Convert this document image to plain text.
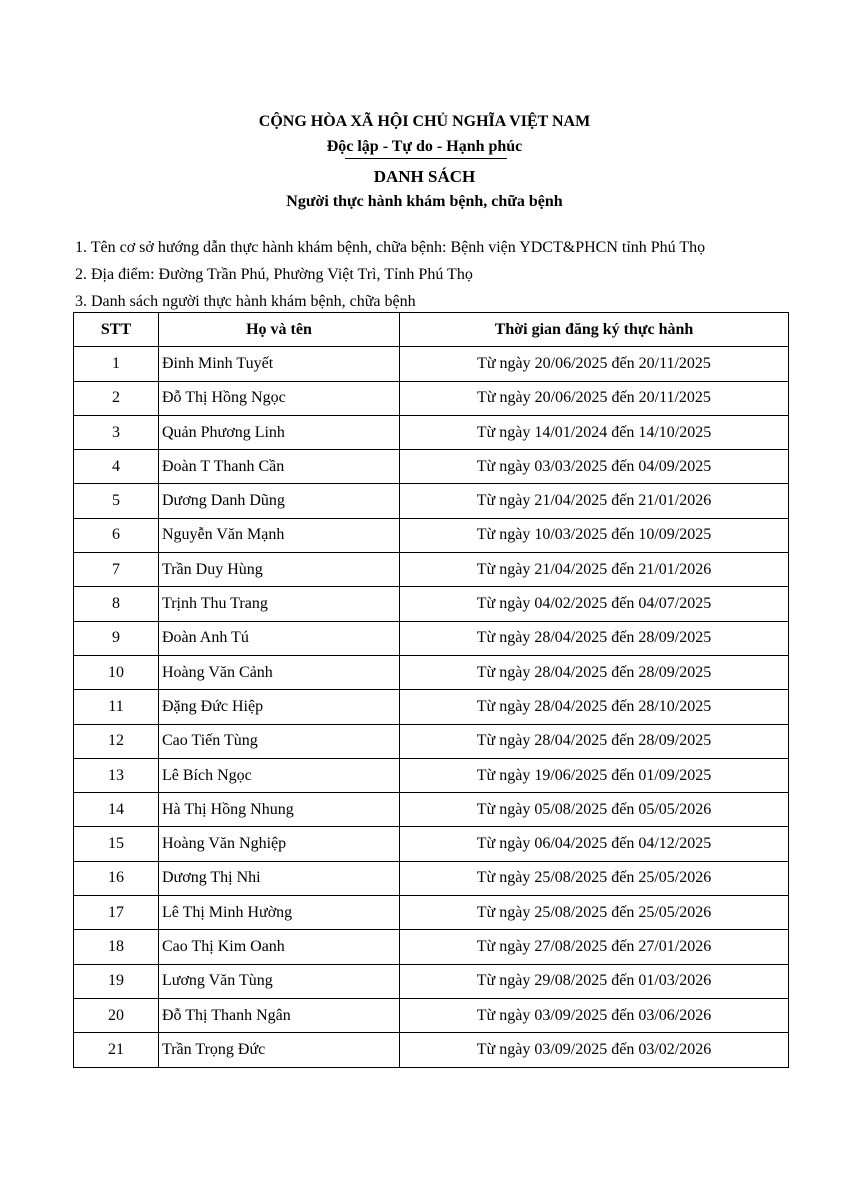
CỘNG HÒA XÃ HỘI CHỦ NGHĨA VIỆT NAM
Độc lập - Tự do - Hạnh phúc
DANH SÁCH
Người thực hành khám bệnh, chữa bệnh
1. Tên cơ sở hướng dẫn thực hành khám bệnh, chữa bệnh: Bệnh viện YDCT&PHCN tỉnh Phú Thọ
2. Địa điểm: Đường Trần Phú, Phường Việt Trì, Tỉnh Phú Thọ
3. Danh sách người thực hành khám bệnh, chữa bệnh
STT	Họ và tên	Thời gian đăng ký thực hành
1	Đinh Minh Tuyết	Từ ngày 20/06/2025 đến 20/11/2025
2	Đỗ Thị Hồng Ngọc	Từ ngày 20/06/2025 đến 20/11/2025
3	Quản Phương Linh	Từ ngày 14/01/2024 đến 14/10/2025
4	Đoàn T Thanh Cần	Từ ngày 03/03/2025 đến 04/09/2025
5	Dương Danh Dũng	Từ ngày 21/04/2025 đến 21/01/2026
6	Nguyễn Văn Mạnh	Từ ngày 10/03/2025 đến 10/09/2025
7	Trần Duy Hùng	Từ ngày 21/04/2025 đến 21/01/2026
8	Trịnh Thu Trang	Từ ngày 04/02/2025 đến 04/07/2025
9	Đoàn Anh Tú	Từ ngày 28/04/2025 đến 28/09/2025
10	Hoàng Văn Cảnh	Từ ngày 28/04/2025 đến 28/09/2025
11	Đặng Đức Hiệp	Từ ngày 28/04/2025 đến 28/10/2025
12	Cao Tiến Tùng	Từ ngày 28/04/2025 đến 28/09/2025
13	Lê Bích Ngọc	Từ ngày 19/06/2025 đến 01/09/2025
14	Hà Thị Hồng Nhung	Từ ngày 05/08/2025 đến 05/05/2026
15	Hoàng Văn Nghiệp	Từ ngày 06/04/2025 đến 04/12/2025
16	Dương Thị Nhi	Từ ngày 25/08/2025 đến 25/05/2026
17	Lê Thị Minh Hường	Từ ngày 25/08/2025 đến 25/05/2026
18	Cao Thị Kim Oanh	Từ ngày 27/08/2025 đến 27/01/2026
19	Lương Văn Tùng	Từ ngày 29/08/2025 đến 01/03/2026
20	Đỗ Thị Thanh Ngân	Từ ngày 03/09/2025 đến 03/06/2026
21	Trần Trọng Đức	Từ ngày 03/09/2025 đến 03/02/2026
